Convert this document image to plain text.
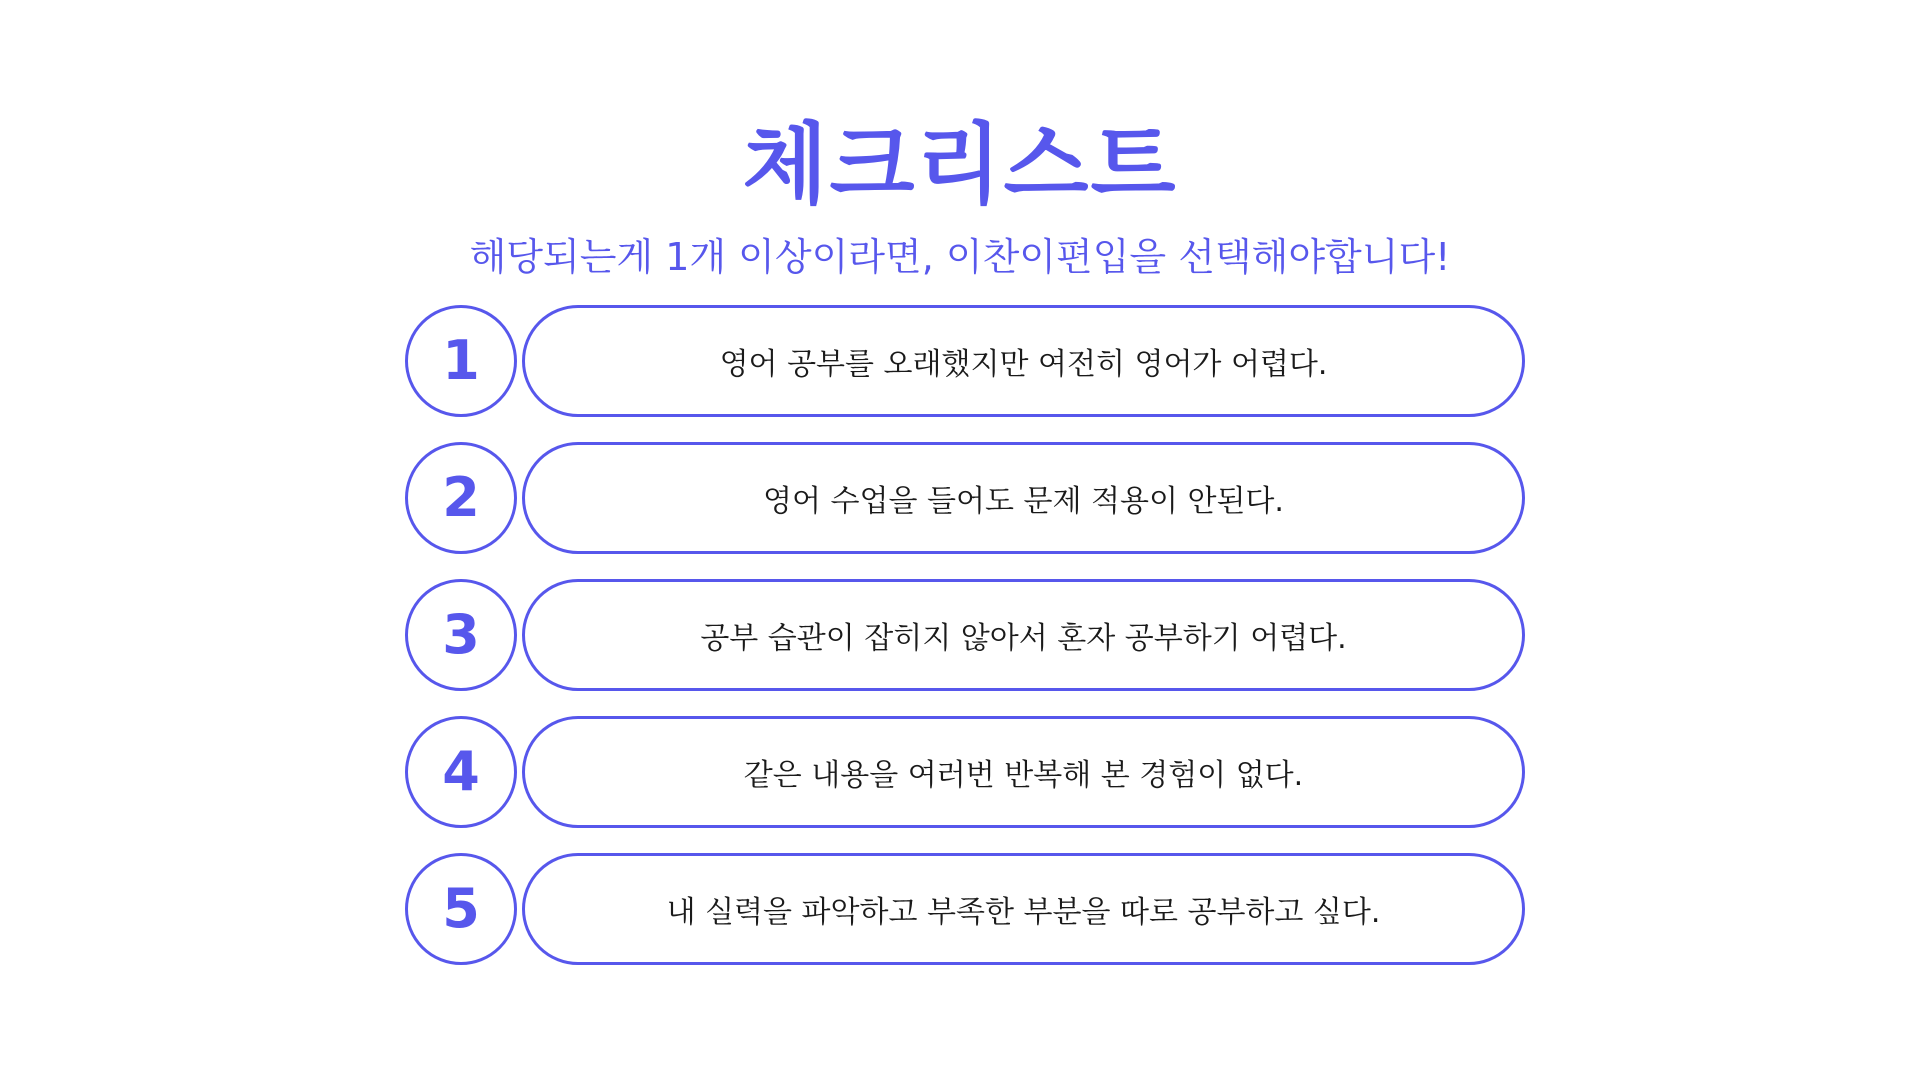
체크리스트
해당되는게 1개 이상이라면, 이찬이편입을 선택해야합니다!
1	영어 공부를 오래했지만 여전히 영어가 어렵다.
2	영어 수업을 들어도 문제 적용이 안된다.
3	공부 습관이 잡히지 않아서 혼자 공부하기 어렵다.
4	같은 내용을 여러번 반복해 본 경험이 없다.
5	내 실력을 파악하고 부족한 부분을 따로 공부하고 싶다.
